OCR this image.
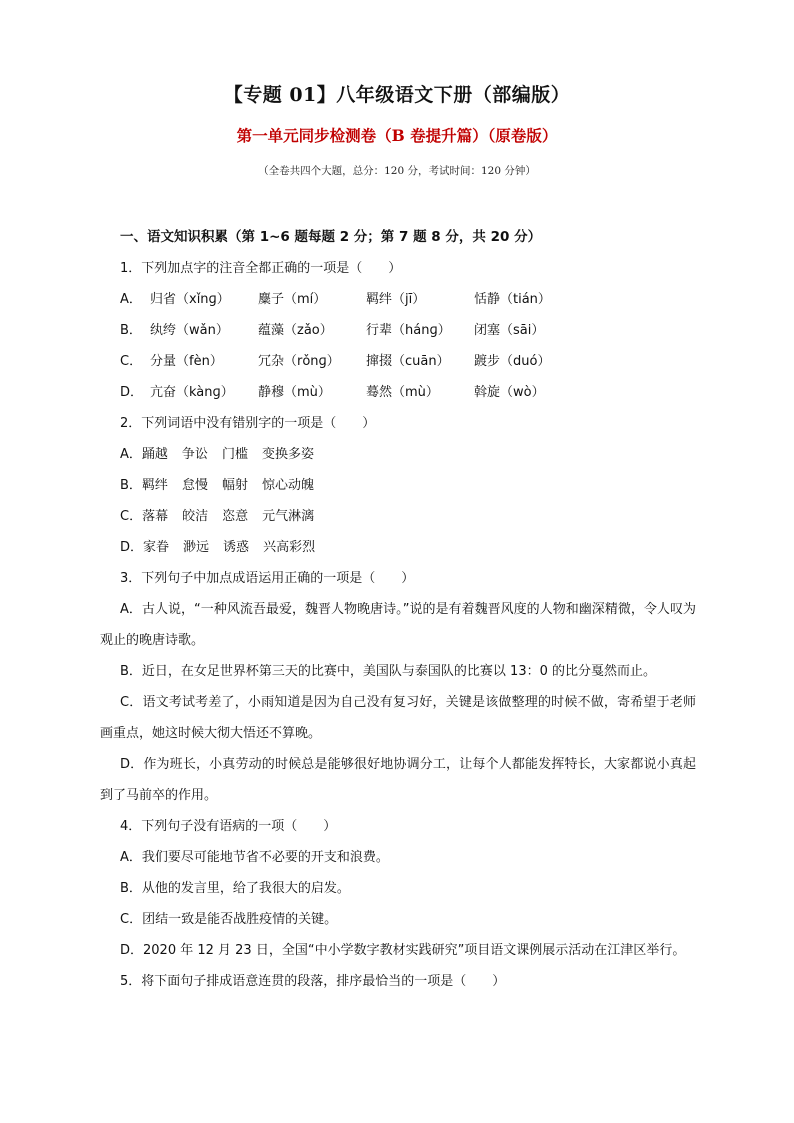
【专题 01】八年级语文下册（部编版）
第一单元同步检测卷（B 卷提升篇）（原卷版）
（全卷共四个大题，总分：120 分，考试时间：120 分钟）
一、语文知识积累（第 1~6 题每题 2 分；第 7 题 8 分，共 20 分）
1．下列加点字的注音全都正确的一项是（　　）
A． 归省（xǐnɡ）	麋子（mí）	羁绊（jī）	恬静（tián）
B． 纨绔（wǎn）	蕴藻（zǎo）	行辈（hánɡ）	闭塞（sāi）
C． 分量（fèn）	冗杂（rǒnɡ）	撺掇（cuān）	踱步（duó）
D． 亢奋（kànɡ）	静穆（mù）	蓦然（mù）	斡旋（wò）
2．下列词语中没有错别字的一项是（　　）
A．踊越 争讼 门槛 变换多姿
B．羁绊 怠慢 幅射 惊心动魄
C．落幕 皎洁 恣意 元气淋漓
D．家眷 渺远 诱惑 兴高彩烈
3．下列句子中加点成语运用正确的一项是（　　）
A．古人说，“一种风流吾最爱，魏晋人物晚唐诗。”说的是有着魏晋风度的人物和幽深精微，令人叹为观止的晚唐诗歌。
B．近日，在女足世界杯第三天的比赛中，美国队与泰国队的比赛以 13：0 的比分戛然而止。
C．语文考试考差了，小雨知道是因为自己没有复习好，关键是该做整理的时候不做，寄希望于老师画重点，她这时候大彻大悟还不算晚。
D．作为班长，小真劳动的时候总是能够很好地协调分工，让每个人都能发挥特长，大家都说小真起到了马前卒的作用。
4．下列句子没有语病的一项（　　）
A．我们要尽可能地节省不必要的开支和浪费。
B．从他的发言里，给了我很大的启发。
C．团结一致是能否战胜疫情的关键。
D．2020 年 12 月 23 日，全国“中小学数字教材实践研究”项目语文课例展示活动在江津区举行。
5．将下面句子排成语意连贯的段落，排序最恰当的一项是（　　）
